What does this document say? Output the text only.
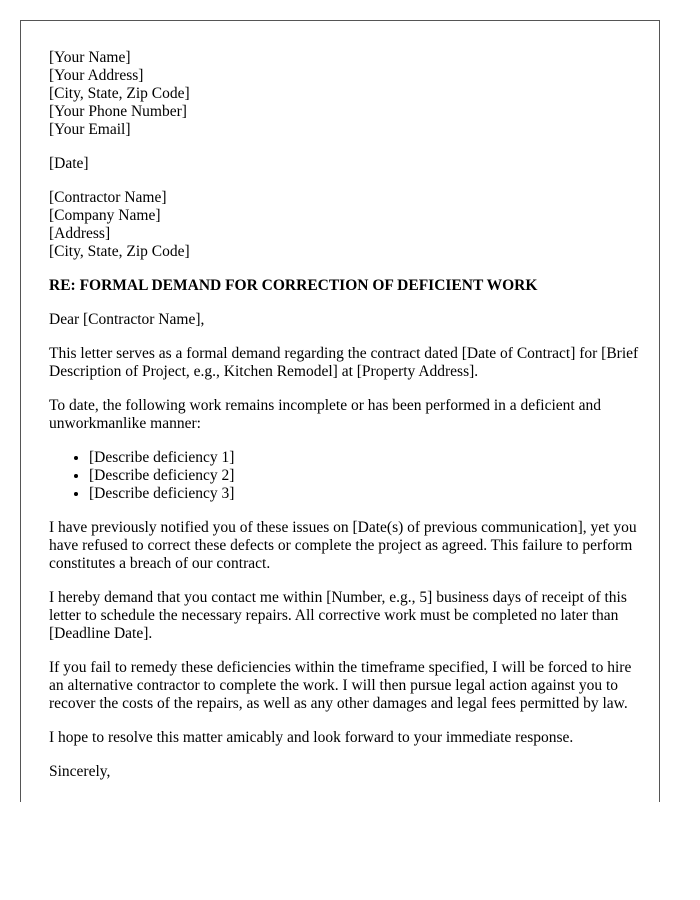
[Your Name]
[Your Address]
[City, State, Zip Code]
[Your Phone Number]
[Your Email]
[Date]
[Contractor Name]
[Company Name]
[Address]
[City, State, Zip Code]
RE: FORMAL DEMAND FOR CORRECTION OF DEFICIENT WORK

Dear [Contractor Name],

This letter serves as a formal demand regarding the contract dated [Date of Contract] for [Brief Description of Project, e.g., Kitchen Remodel] at [Property Address].

To date, the following work remains incomplete or has been performed in a deficient and unworkmanlike manner:

• [Describe deficiency 1]
• [Describe deficiency 2]
• [Describe deficiency 3]

I have previously notified you of these issues on [Date(s) of previous communication], yet you have refused to correct these defects or complete the project as agreed. This failure to perform constitutes a breach of our contract.

I hereby demand that you contact me within [Number, e.g., 5] business days of receipt of this letter to schedule the necessary repairs. All corrective work must be completed no later than [Deadline Date].

If you fail to remedy these deficiencies within the timeframe specified, I will be forced to hire an alternative contractor to complete the work. I will then pursue legal action against you to recover the costs of the repairs, as well as any other damages and legal fees permitted by law.

I hope to resolve this matter amicably and look forward to your immediate response.

Sincerely,
